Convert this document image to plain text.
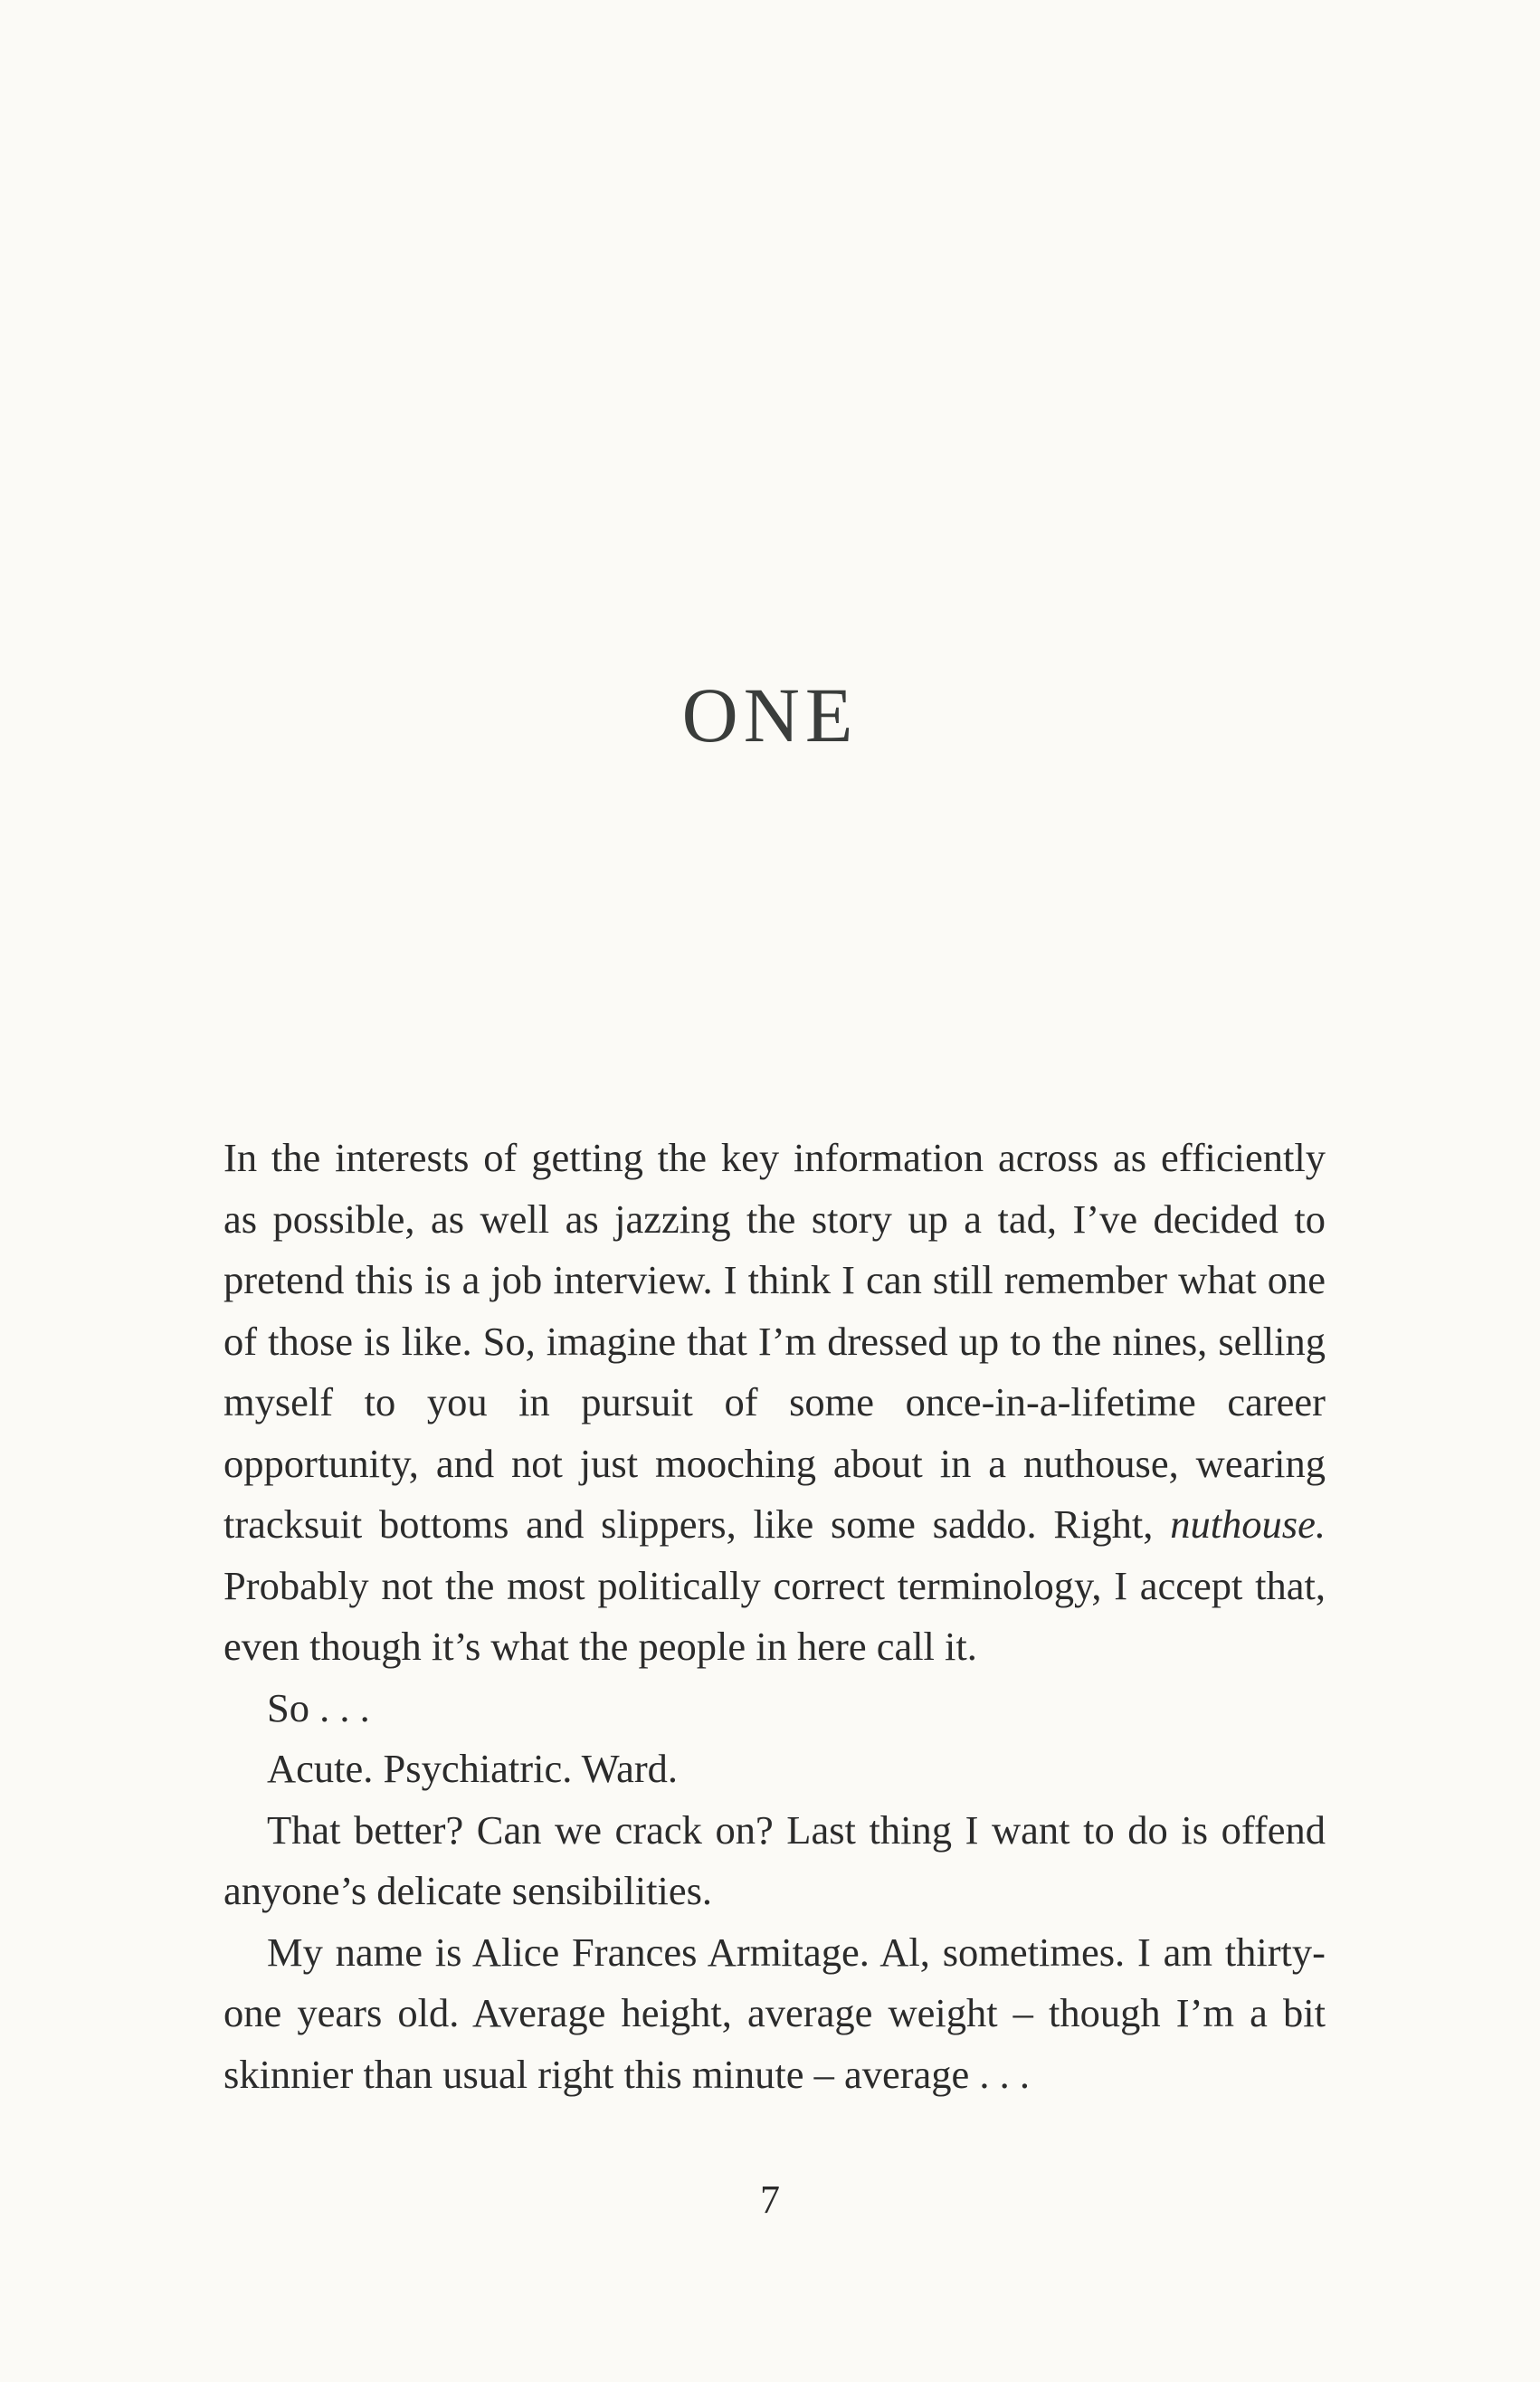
ONE

In the interests of getting the key information across as efficiently as possible, as well as jazzing the story up a tad, I’ve decided to pretend this is a job interview. I think I can still remember what one of those is like. So, imagine that I’m dressed up to the nines, selling myself to you in pursuit of some once-in-a-lifetime career opportunity, and not just mooching about in a nuthouse, wearing tracksuit bottoms and slippers, like some saddo. Right, nuthouse. Probably not the most politically correct terminology, I accept that, even though it’s what the people in here call it.

So . . .

Acute. Psychiatric. Ward.

That better? Can we crack on? Last thing I want to do is offend anyone’s delicate sensibilities.

My name is Alice Frances Armitage. Al, sometimes. I am thirty-one years old. Average height, average weight – though I’m a bit skinnier than usual right this minute – average . . .

7
